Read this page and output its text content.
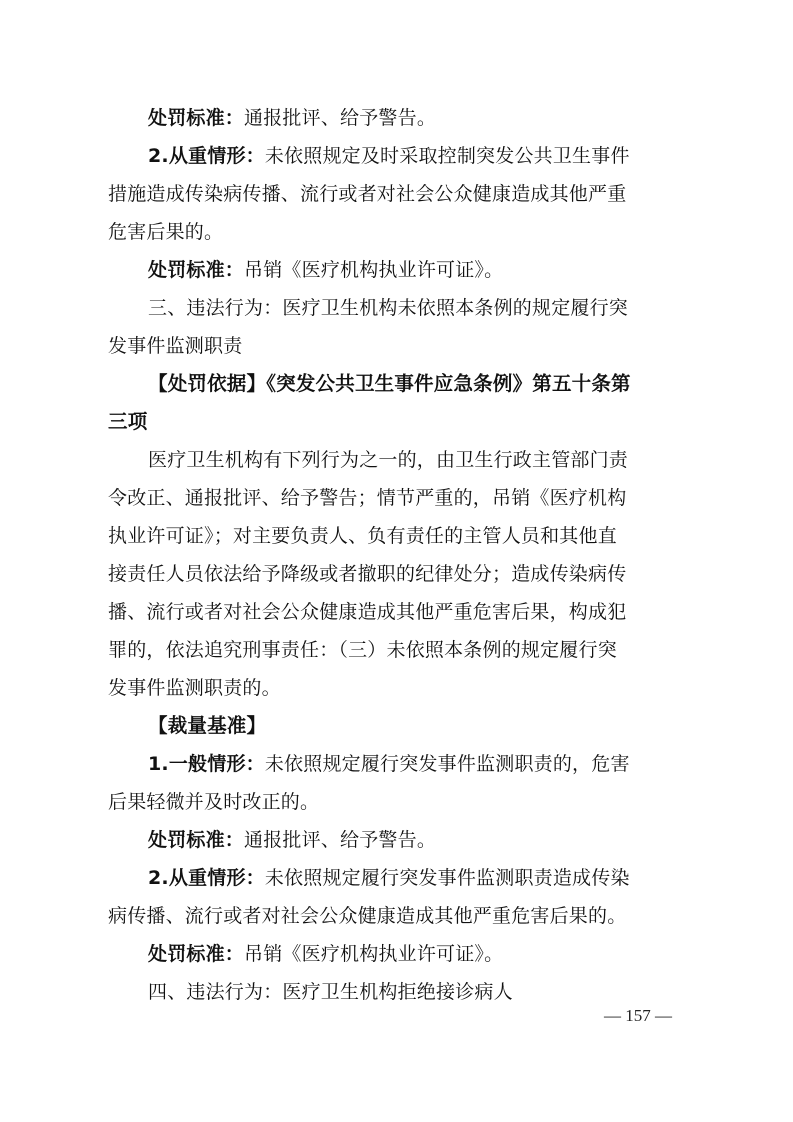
处罚标准：通报批评、给予警告。
2.从重情形：未依照规定及时采取控制突发公共卫生事件
措施造成传染病传播、流行或者对社会公众健康造成其他严重
危害后果的。
处罚标准：吊销《医疗机构执业许可证》。
三、违法行为：医疗卫生机构未依照本条例的规定履行突
发事件监测职责
【处罚依据】《突发公共卫生事件应急条例》第五十条第
三项
医疗卫生机构有下列行为之一的，由卫生行政主管部门责
令改正、通报批评、给予警告；情节严重的，吊销《医疗机构
执业许可证》；对主要负责人、负有责任的主管人员和其他直
接责任人员依法给予降级或者撤职的纪律处分；造成传染病传
播、流行或者对社会公众健康造成其他严重危害后果，构成犯
罪的，依法追究刑事责任：（三）未依照本条例的规定履行突
发事件监测职责的。
【裁量基准】
1.一般情形：未依照规定履行突发事件监测职责的，危害
后果轻微并及时改正的。
处罚标准：通报批评、给予警告。
2.从重情形：未依照规定履行突发事件监测职责造成传染
病传播、流行或者对社会公众健康造成其他严重危害后果的。
处罚标准：吊销《医疗机构执业许可证》。
四、违法行为：医疗卫生机构拒绝接诊病人
— 157 —
